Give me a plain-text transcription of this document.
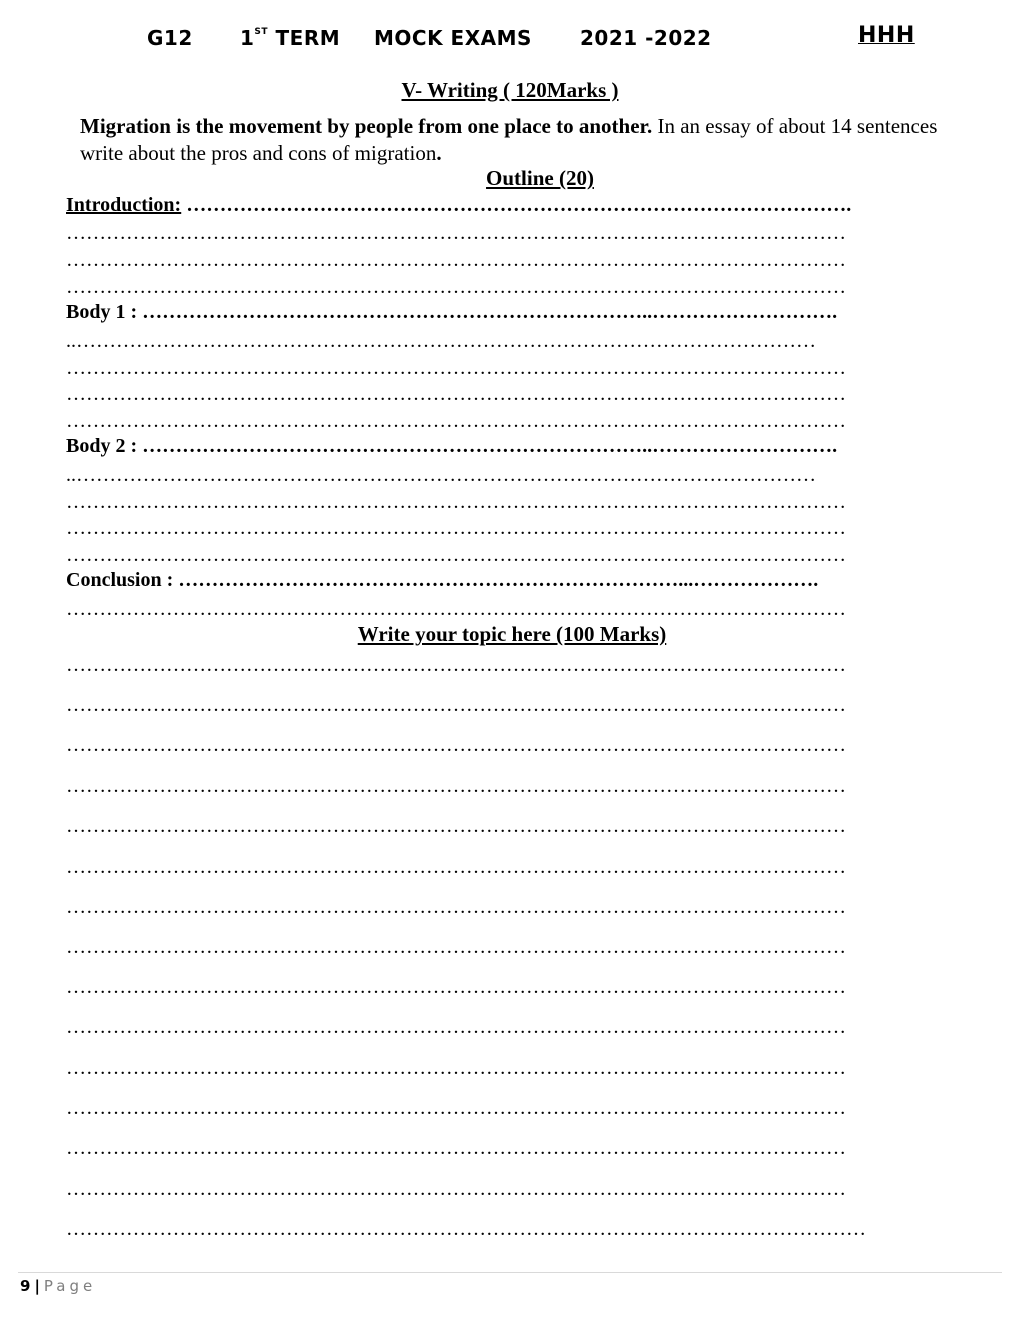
G12 1ST TERM MOCK EXAMS 2021 -2022	HHH
V- Writing ( 120Marks )
Migration is the movement by people from one place to another. In an essay of about 14 sentences write about the pros and cons of migration.
Outline (20)
Introduction: ……………………………………………………………………………………….
………………………………………………………………………………………………………
………………………………………………………………………………………………………
………………………………………………………………………………………………………
Body 1 : …………………………………………………………………..……………………….
..…………………………………………………………………………………………………
………………………………………………………………………………………………………
………………………………………………………………………………………………………
………………………………………………………………………………………………………
Body 2 : …………………………………………………………………..……………………….
..…………………………………………………………………………………………………
………………………………………………………………………………………………………
………………………………………………………………………………………………………
………………………………………………………………………………………………………
Conclusion : …………………………………………………………………...……………….
………………………………………………………………………………………………………
Write your topic here (100 Marks)
………………………………………………………………………………………………………
………………………………………………………………………………………………………
………………………………………………………………………………………………………
………………………………………………………………………………………………………
………………………………………………………………………………………………………
………………………………………………………………………………………………………
………………………………………………………………………………………………………
………………………………………………………………………………………………………
………………………………………………………………………………………………………
………………………………………………………………………………………………………
………………………………………………………………………………………………………
………………………………………………………………………………………………………
………………………………………………………………………………………………………
………………………………………………………………………………………………………
…………………………………………………………………………………………………………
9 | Page
